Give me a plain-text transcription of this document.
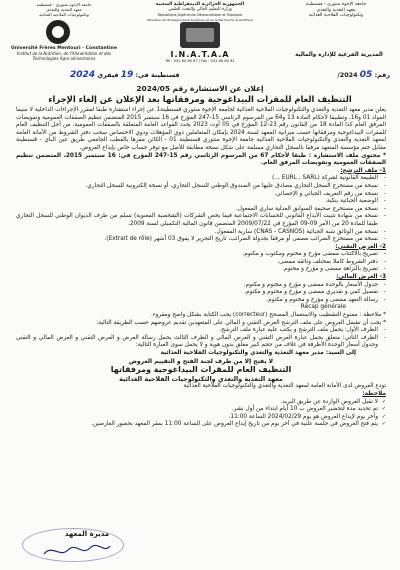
جامعة الإخوة منتوري - قسنطينة
معهد التغذية والتغذي
وتكنولوجيات الفلاحية الغذائية
Université Frères Mentouri - Constantine
Institut de la Nutrition, de l'Alimentation et des Technologies Agro-alimentaires
الجمهورية الجزائرية الديمقراطية الشعبية
وزارة التعليم العالي والبحث العلمي
République Algérienne Démocratique et Populaire
Ministère de l'Enseignement Supérieur et de la Recherche Scientifique
I.N.A.T.A.A
Tél : 031 60 60 67 / Fax : 031 60 60 61
جامعة الإخوة منتوري - قسنطينة
معهد التغذية والتغذي
وتكنولوجيات الفلاحية الغذائية
المديرية الفرعية للإدارة والمالية
رقم: 05 2024/
قسنطينة في: 19 فيفري 2024
إعلان عن الاستشارة رقم 2024/05
التنظيف العام للمقرات البيداغوجية ومرفقاتها بعد الإعلان عن إلغاء الإجراء

يعلن مدير معهد التغذية والتغذي والتكنولوجيات الفلاحية الغذائية لجامعة الإخوة منتوري قسنطينة1 عن إجراء استشارة طبقا لمقرر الإجراءات الداخلية لا سيما المواد 01 و16، وتطبيقا لأحكام المادة 13 و64 من المرسوم الرئاسي 15-247 المؤرخ في 16 سبتمبر 2015 المتضمن تنظيم الصفقات العمومية وتفويضات المرفق العام كذا المادة 18 من القانون رقم 23-12 المؤرخ في 05 أوت 2023 يحدد القواعد العامة المتعلقة بالصفقات العمومية. من أجل التنظيف العام للمقرات البيداغوجية ومرفقاتها حسب ميزانية المعهد لسنة 2024 بإمكان المتعاملين ذوي المؤهلات وذوي الاختصاص سحب دفتر الشروط من الأمانة العامة لمعهد التغذية والتغذي والتكنولوجيات الفلاحية الغذائية جامعة الإخوة منتوري قسنطينة 01 - الكائن مقرها بالقطب الجامعي طريق عين الباي - قسنطينة مقابل ختم مؤسسة المتعهد مرفقا بالسجل التجاري مسلمة على شكل نسخة مطابقة للأصل مع توفر حساب خاص بإيداع العروض.

* محتوى ملف الاستشارة : طبقا لأحكام 67 من المرسوم الرئاسي رقم 15-247 المؤرخ في: 16 سبتمبر 2015، المتضمن تنظيم الصفقات العمومية وتفويضات المرفق العام.

1- ملف الترشح:

- الطبيعة القانونية لشركة (EURL ، SARL ...)

- نسخة من مستخرج السجل التجاري مصادق عليها من الصندوق الوطني للسجل التجاري، أو نسخة إلكترونية للسجل التجاري.

- نسخة من رقم التعريف الجبائي و الإحصائي.

- الوضعية الجبائية بنكية.

- نسخة من مستخرج صحيفة السوابق العدلية ساري المفعول.

- نسخة من شهادة تثبيت الأيداع القانوني للحسابات الاجتماعية فيما يخص الشركات (الشخصية المعنوية) تسلم من طرف الديوان الوطني للسجل التجاري طبقا للمادة 20 من الأمر 09-09 المؤرخ في 2009/07/22 المتضمن قانون المالية التكميلي لسنة 2009.

- نسخة من الوثائق شبه الجبائية (CNAS - CASNOS) سارية المفعول.

- نسخة من مستخرج الضرائب مصفى أو مرفقا بجدولة الضرائب، تاريخ التحرير لا يفوق 03 أشهر (Extrait de rôle).

2- العرض التقني:

- تصريح بالاكتتاب ممضى مؤرخ و مختوم ومكتوب و مكتوم.

- دفتر الشروط كاملا بمختلف وثائقه ممضى.

- تصريح بالنزاهة ممضى و مؤرخ و مختوم.

3- العرض المالي:

- جدول الأسعار بالوحدة ممضى و مؤرخ و مختوم و مكتوم.

- تفصيل كمي و تقديري ممضى و مؤرخ و مختوم و مكتوم.

- رسالة التعهد ممضى و مؤرخ و مختوم و مكتوم.

Récap générale

* ملاحظة : ممنوع التشطيب والاستعمال المصحح (correcteur) يجب الكتابة بشكل واضح ومقروء.

* يجب أن تشمل العروض على ملف الترشح العرض التقني و المالي على المتعهدين تقديم عروضهم حسب الطريقة التالية:

- الظرف الأول: يحمل ملف الترشح و يكتب عليه عبارة ملف الترشح.

- الظرف الثاني: متعلق بحمل عبارة العرض التقني و العرض المالي و الظرف الثالث يحمل رسالة العرض و العرض التقني و العرض المالي و التقني وجدول أسعار الوحدة الأظرفة في غلاف من حجم كبير مغلق بدون هوية و لا يحمل سوى العبارة التالية:

إلى السيد: مدير معهد التغذية والتغذي والتكنولوجيات الفلاحية الغذائية

لا يفتح إلا من طرف لجنة الفتح و التقييم العروض

التنظيف العام للمقرات البيداغوجية ومرفقاتها

معهد التغذية والتغذي والتكنولوجيات الفلاحية الغذائية

تودع العروض لدى الأمانة العامة لمعهد التغذية والتغذي والتكنولوجيات الفلاحية الغذائية

ملاحظة:

✓ لا تقبل العروض الواردة عن طريق البريد.

✓ تم تحديد مدة لتحضير العروض ب 10 أيام ابتداء من أول نشر.

✓ وأخر يوم لإيداع العروض هو يوم 2024/02/29 الساعة 11:00.

✓ يتم فتح العروض في جلسة علنية في آخر يوم من تاريخ إيداع العروض على الساعة 11:00 بمقر المعهد بحضور العارضين.

مديرة المعهد
